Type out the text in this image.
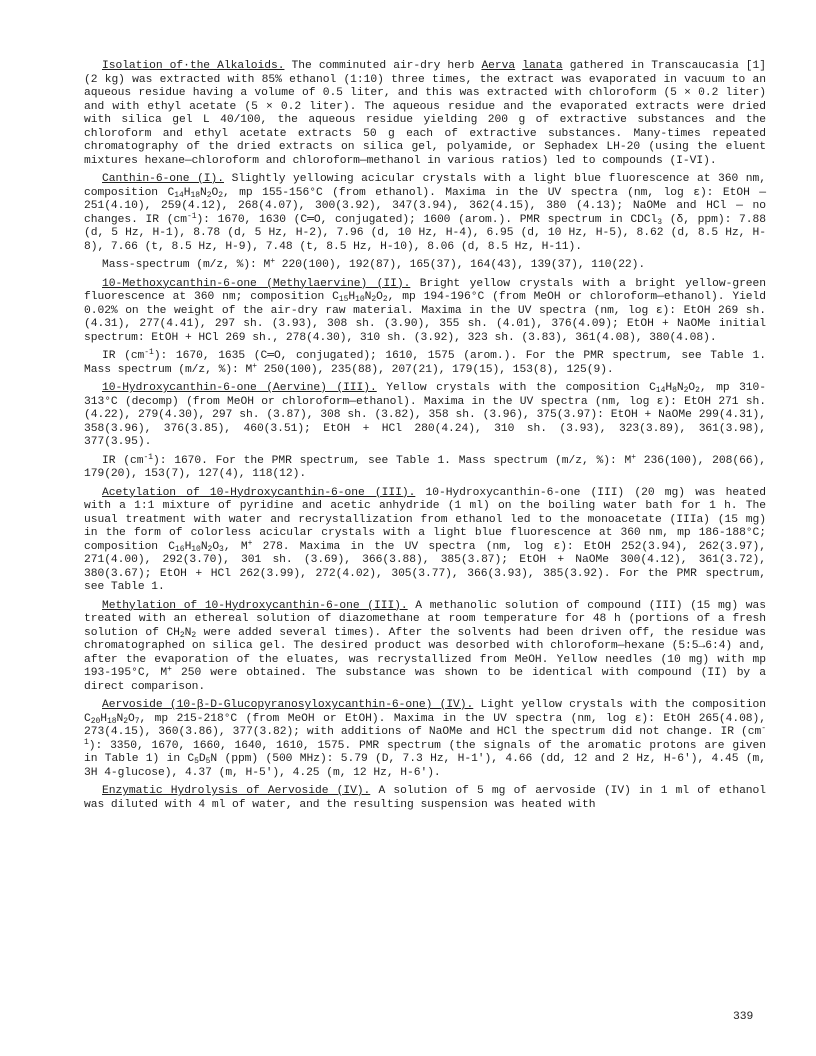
Isolation of·the Alkaloids. The comminuted air-dry herb Aerva lanata gathered in Transcaucasia [1] (2 kg) was extracted with 85% ethanol (1:10) three times, the extract was evaporated in vacuum to an aqueous residue having a volume of 0.5 liter, and this was extracted with chloroform (5 × 0.2 liter) and with ethyl acetate (5 × 0.2 liter). The aqueous residue and the evaporated extracts were dried with silica gel L 40/100, the aqueous residue yielding 200 g of extractive substances and the chloroform and ethyl acetate extracts 50 g each of extractive substances. Many-times repeated chromatography of the dried extracts on silica gel, polyamide, or Sephadex LH-20 (using the eluent mixtures hexane—chloroform and chloroform—methanol in various ratios) led to compounds (I-VI).

Canthin-6-one (I). Slightly yellowing acicular crystals with a light blue fluorescence at 360 nm, composition $C_{14}H_{18}N_2O_2$, mp 155-156°C (from ethanol). Maxima in the UV spectra (nm, log ε): EtOH — 251(4.10), 259(4.12), 268(4.07), 300(3.92), 347(3.94), 362(4.15), 380 (4.13); NaOMe and HCl — no changes. IR $(cm^{-1})$: 1670, 1630 (C═O, conjugated); 1600 (arom.). PMR spectrum in CDCl$_3$ (δ, ppm): 7.88 (d, 5 Hz, H-1), 8.78 (d, 5 Hz, H-2), 7.96 (d, 10 Hz, H-4), 6.95 (d, 10 Hz, H-5), 8.62 (d, 8.5 Hz, H-8), 7.66 (t, 8.5 Hz, H-9), 7.48 (t, 8.5 Hz, H-10), 8.06 (d, 8.5 Hz, H-11).

Mass-spectrum (m/z, %): M+ 220(100), 192(87), 165(37), 164(43), 139(37), 110(22).

10-Methoxycanthin-6-one (Methylaervine) (II). Bright yellow crystals with a bright yellow-green fluorescence at 360 nm; composition $C_{15}H_{10}N_2O_2$, mp 194-196°C (from MeOH or chloroform—ethanol). Yield 0.02% on the weight of the air-dry raw material. Maxima in the UV spectra (nm, log ε): EtOH 269 sh. (4.31), 277(4.41), 297 sh. (3.93), 308 sh. (3.90), 355 sh. (4.01), 376(4.09); EtOH + NaOMe initial spectrum: EtOH + HCl 269 sh., 278(4.30), 310 sh. (3.92), 323 sh. (3.83), 361(4.08), 380(4.08).

IR $(cm^{-1})$: 1670, 1635 (C═O, conjugated); 1610, 1575 (arom.). For the PMR spectrum, see Table 1. Mass spectrum (m/z, %): M+ 250(100), 235(88), 207(21), 179(15), 153(8), 125(9).

10-Hydroxycanthin-6-one (Aervine) (III). Yellow crystals with the composition $C_{14}H_8N_2O_2$, mp 310-313°C (decomp) (from MeOH or chloroform—ethanol). Maxima in the UV spectra (nm, log ε): EtOH 271 sh. (4.22), 279(4.30), 297 sh. (3.87), 308 sh. (3.82), 358 sh. (3.96), 375(3.97): EtOH + NaOMe 299(4.31), 358(3.96), 376(3.85), 460(3.51); EtOH + HCl 280(4.24), 310 sh. (3.93), 323(3.89), 361(3.98), 377(3.95).

IR $(cm^{-1})$: 1670. For the PMR spectrum, see Table 1. Mass spectrum (m/z, %): M+ 236(100), 208(66), 179(20), 153(7), 127(4), 118(12).

Acetylation of 10-Hydroxycanthin-6-one (III). 10-Hydroxycanthin-6-one (III) (20 mg) was heated with a 1:1 mixture of pyridine and acetic anhydride (1 ml) on the boiling water bath for 1 h. The usual treatment with water and recrystallization from ethanol led to the monoacetate (IIIa) (15 mg) in the form of colorless acicular crystals with a light blue fluorescence at 360 nm, mp 186-188°C; composition $C_{16}H_{10}N_2O_3$, M+ 278. Maxima in the UV spectra (nm, log ε): EtOH 252(3.94), 262(3.97), 271(4.00), 292(3.70), 301 sh. (3.69), 366(3.88), 385(3.87); EtOH + NaOMe 300(4.12), 361(3.72), 380(3.67); EtOH + HCl 262(3.99), 272(4.02), 305(3.77), 366(3.93), 385(3.92). For the PMR spectrum, see Table 1.

Methylation of 10-Hydroxycanthin-6-one (III). A methanolic solution of compound (III) (15 mg) was treated with an ethereal solution of diazomethane at room temperature for 48 h (portions of a fresh solution of $CH_2N_2$ were added several times). After the solvents had been driven off, the residue was chromatographed on silica gel. The desired product was desorbed with chloroform—hexane (5:5→6:4) and, after the evaporation of the eluates, was recrystallized from MeOH. Yellow needles (10 mg) with mp 193-195°C, M+ 250 were obtained. The substance was shown to be identical with compound (II) by a direct comparison.

Aervoside (10-β-D-Glucopyranosyloxycanthin-6-one) (IV). Light yellow crystals with the composition $C_{20}H_{18}N_2O_7$, mp 215-218°C (from MeOH or EtOH). Maxima in the UV spectra (nm, log ε): EtOH 265(4.08), 273(4.15), 360(3.86), 377(3.82); with additions of NaOMe and HCl the spectrum did not change. IR $(cm^{-1})$: 3350, 1670, 1660, 1640, 1610, 1575. PMR spectrum (the signals of the aromatic protons are given in Table 1) in $C_5D_5N$ (ppm) (500 MHz): 5.79 (D, 7.3 Hz, H-1'), 4.66 (dd, 12 and 2 Hz, H-6'), 4.45 (m, 3H 4-glucose), 4.37 (m, H-5'), 4.25 (m, 12 Hz, H-6').

Enzymatic Hydrolysis of Aervoside (IV). A solution of 5 mg of aervoside (IV) in 1 ml of ethanol was diluted with 4 ml of water, and the resulting suspension was heated with

339
